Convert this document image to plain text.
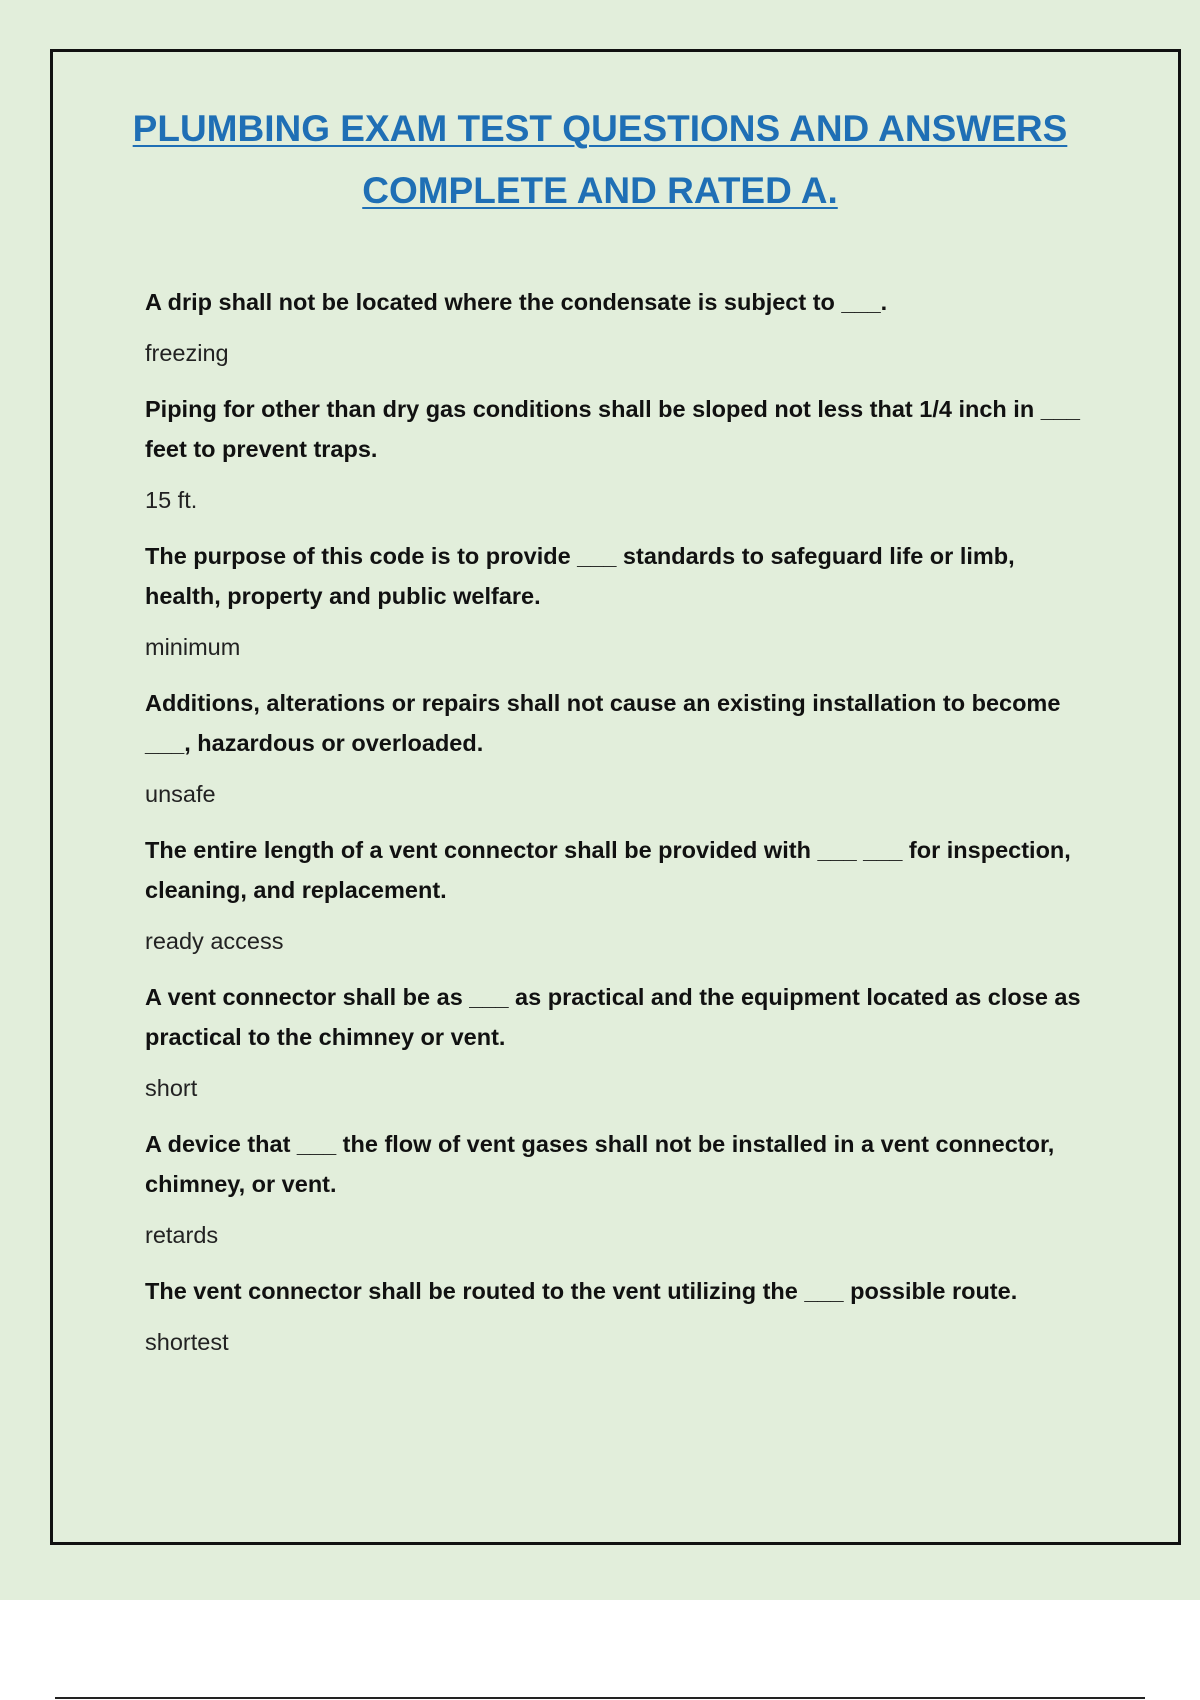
PLUMBING EXAM TEST QUESTIONS AND ANSWERS
COMPLETE AND RATED A.

A drip shall not be located where the condensate is subject to ___.

freezing

Piping for other than dry gas conditions shall be sloped not less that 1/4 inch in ___ feet to prevent traps.

15 ft.

The purpose of this code is to provide ___ standards to safeguard life or limb, health, property and public welfare.

minimum

Additions, alterations or repairs shall not cause an existing installation to become ___, hazardous or overloaded.

unsafe

The entire length of a vent connector shall be provided with ___ ___ for inspection, cleaning, and replacement.

ready access

A vent connector shall be as ___ as practical and the equipment located as close as practical to the chimney or vent.

short

A device that ___ the flow of vent gases shall not be installed in a vent connector, chimney, or vent.

retards

The vent connector shall be routed to the vent utilizing the ___ possible route.

shortest
